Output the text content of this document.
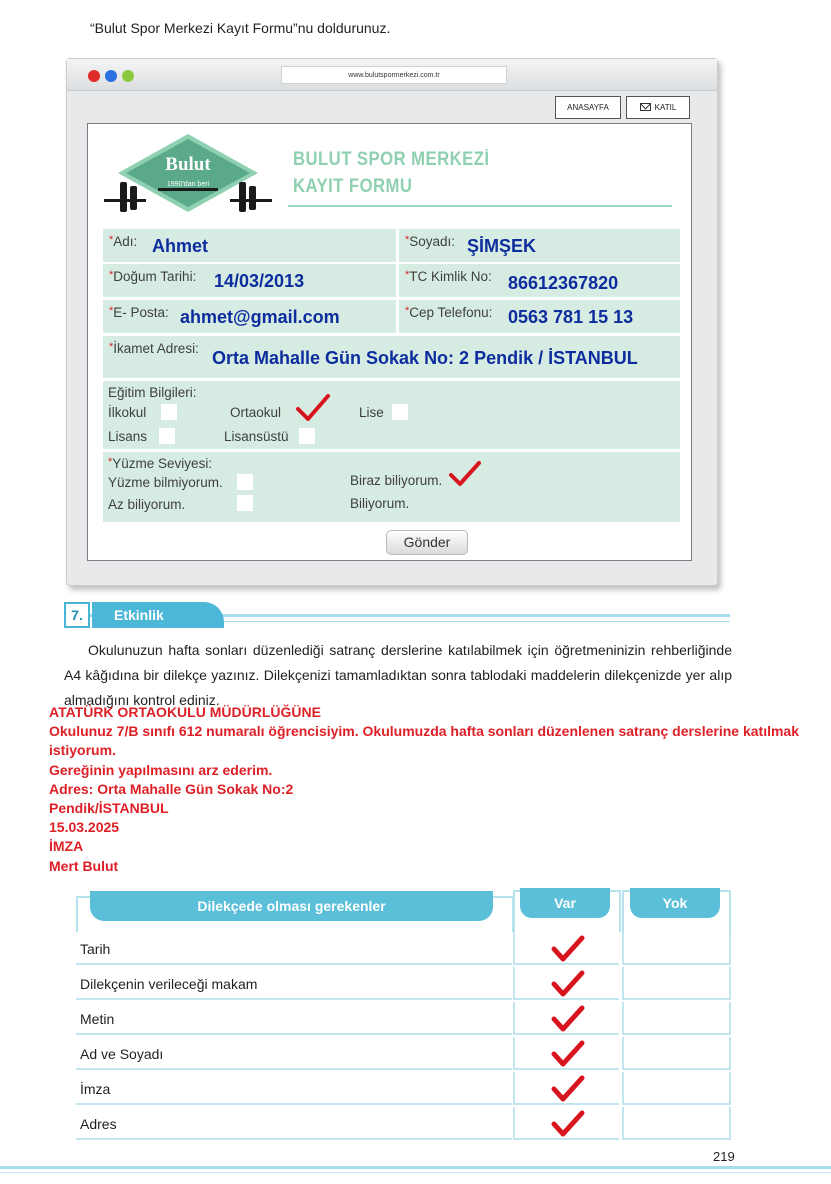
“Bulut Spor Merkezi Kayıt Formu”nu doldurunuz.
www.bulutspormerkezi.com.tr
ANASAYFA	KATIL
Bulut
1990'dan beri
BULUT SPOR MERKEZİ
KAYIT FORMU
*Adı: Ahmet	*Soyadı: ŞİMŞEK
*Doğum Tarihi: 14/03/2013	*TC Kimlik No: 86612367820
*E- Posta: ahmet@gmail.com	*Cep Telefonu: 0563 781 15 13
*İkamet Adresi: Orta Mahalle Gün Sokak No: 2 Pendik / İSTANBUL
Eğitim Bilgileri:
İlkokul	Ortaokul	Lise
Lisans	Lisansüstü
*Yüzme Seviyesi:
Yüzme bilmiyorum.
Az biliyorum.
Biraz biliyorum.
Biliyorum.
Gönder
7.	Etkinlik
Okulunuzun hafta sonları düzenlediği satranç derslerine katılabilmek için öğretmeninizin rehberliğinde A4 kâğıdına bir dilekçe yazınız. Dilekçenizi tamamladıktan sonra tablodaki maddelerin dilekçenizde yer alıp almadığını kontrol ediniz.
ATATÜRK ORTAOKULU MÜDÜRLÜĞÜNE
Okulunuz 7/B sınıfı 612 numaralı öğrencisiyim. Okulumuzda hafta sonları düzenlenen satranç derslerine katılmak istiyorum.
Gereğinin yapılmasını arz ederim.
Adres: Orta Mahalle Gün Sokak No:2
Pendik/İSTANBUL
15.03.2025
İMZA
Mert Bulut
Dilekçede olması gerekenler	Var	Yok
Tarih
Dilekçenin verileceği makam
Metin
Ad ve Soyadı
İmza
Adres
219
